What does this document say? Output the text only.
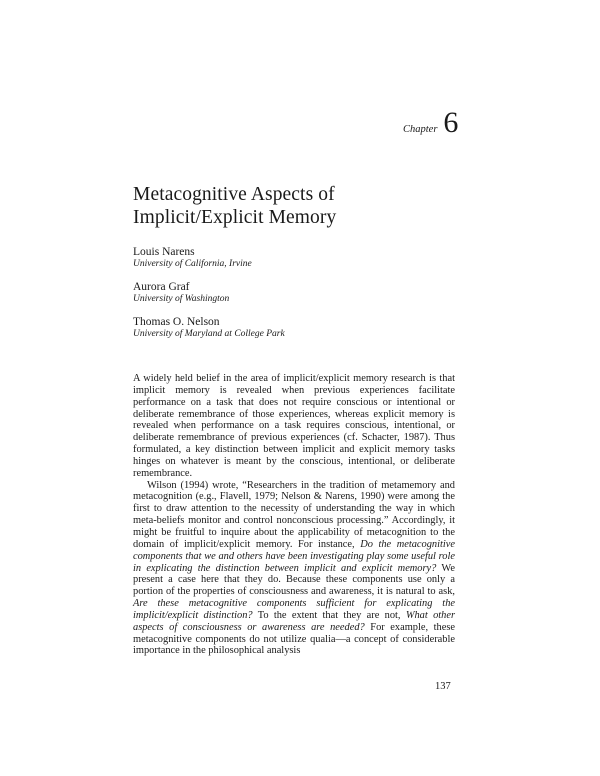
Chapter 6
Metacognitive Aspects of
Implicit/Explicit Memory
Louis Narens
University of California, Irvine
Aurora Graf
University of Washington
Thomas O. Nelson
University of Maryland at College Park

A widely held belief in the area of implicit/explicit memory research is that implicit memory is revealed when previous experiences facilitate performance on a task that does not require conscious or intentional or deliberate remembrance of those experiences, whereas explicit memory is revealed when performance on a task requires conscious, intentional, or deliberate remembrance of previous experiences (cf. Schacter, 1987). Thus formulated, a key distinction between implicit and explicit memory tasks hinges on whatever is meant by the conscious, intentional, or deliberate remembrance.

Wilson (1994) wrote, “Researchers in the tradition of metamemory and metacognition (e.g., Flavell, 1979; Nelson & Narens, 1990) were among the first to draw attention to the necessity of understanding the way in which meta-beliefs monitor and control nonconscious processing.” Accordingly, it might be fruitful to inquire about the applicability of metacognition to the domain of implicit/explicit memory. For instance, Do the metacognitive components that we and others have been investigating play some useful role in explicating the distinction between implicit and explicit memory? We present a case here that they do. Because these components use only a portion of the properties of consciousness and awareness, it is natural to ask, Are these metacognitive components sufficient for explicating the implicit/explicit distinction? To the extent that they are not, What other aspects of consciousness or awareness are needed? For example, these metacognitive components do not utilize qualia—a concept of considerable importance in the philosophical analysis

137
